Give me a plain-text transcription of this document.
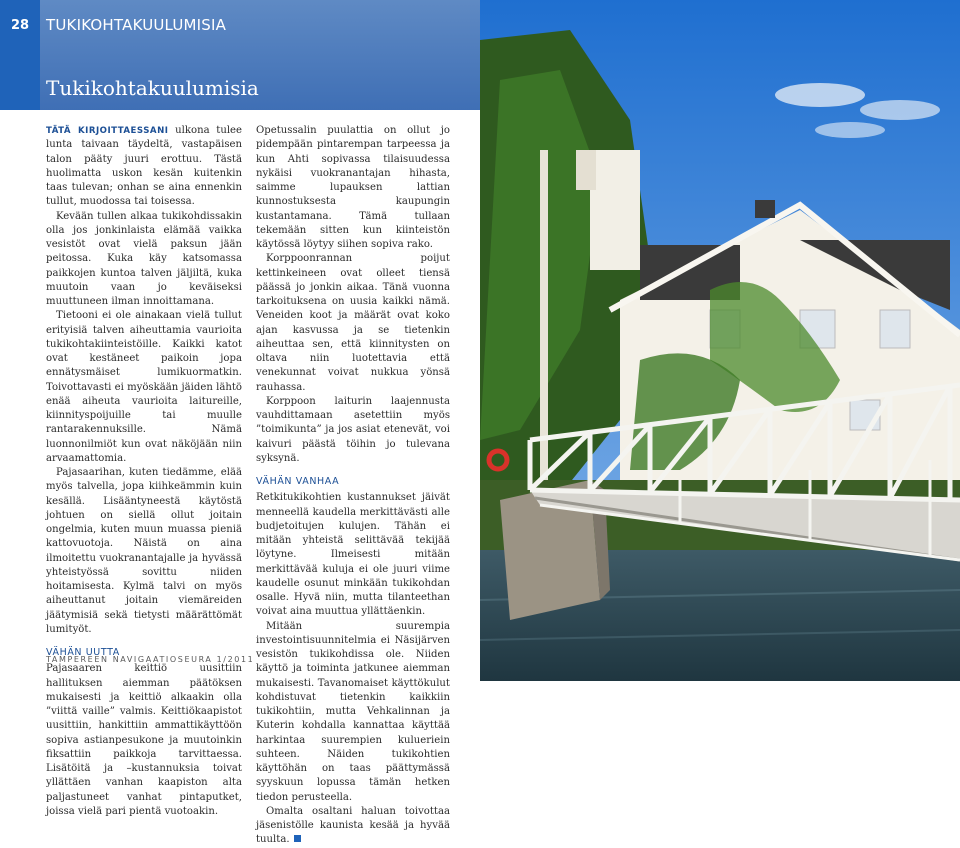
28	TUKIKOHTAKUULUMISIA
Tukikohtakuulumisia

TÄTÄ KIRJOITTAESSANI ulkona tulee lunta taivaan täydeltä, vastapäisen talon pääty juuri erottuu. Tästä huolimatta uskon kesän kuitenkin taas tulevan; onhan se aina ennenkin tullut, muodossa tai toisessa.

Kevään tullen alkaa tukikohdissakin olla jos jonkinlaista elämää vaikka vesistöt ovat vielä paksun jään peitossa. Kuka käy katsomassa paikkojen kuntoa talven jäljiltä, kuka muutoin vaan jo keväiseksi muuttuneen ilman innoittamana.

Tietooni ei ole ainakaan vielä tullut erityisiä talven aiheuttamia vaurioita tukikohtakiinteistöille. Kaikki katot ovat kestäneet paikoin jopa ennätysmäiset lumikuormatkin. Toivottavasti ei myöskään jäiden lähtö enää aiheuta vaurioita laitureille, kiinnityspoijuille tai muulle rantarakennuksille. Nämä luonnonilmiöt kun ovat näköjään niin arvaamattomia.

Pajasaarihan, kuten tiedämme, elää myös talvella, jopa kiihkeämmin kuin kesällä. Lisääntyneestä käytöstä johtuen on siellä ollut joitain ongelmia, kuten muun muassa pieniä kattovuotoja. Näistä on aina ilmoitettu vuokranantajalle ja hyvässä yhteistyössä sovittu niiden hoitamisesta. Kylmä talvi on myös aiheuttanut joitain viemäreiden jäätymisiä sekä tietysti määrättömät lumityöt.

VÄHÄN UUTTA

Pajasaaren keittiö uusittiin hallituksen aiemman päätöksen mukaisesti ja keittiö alkaakin olla ”viittä vaille” valmis. Keittiökaapistot uusittiin, hankittiin ammattikäyttöön sopiva astianpesukone ja muutoinkin fiksattiin paikkoja tarvittaessa. Lisätöitä ja –kustannuksia toivat yllättäen vanhan kaapiston alta paljastuneet vanhat pintaputket, joissa vielä pari pientä vuotoakin.

Opetussalin puulattia on ollut jo pidempään pintarempan tarpeessa ja kun Ahti sopivassa tilaisuudessa nykäisi vuokranantajan hihasta, saimme lupauksen lattian kunnostuksesta kaupungin kustantamana. Tämä tullaan tekemään sitten kun kiinteistön käytössä löytyy siihen sopiva rako.

Korppoonrannan poijut kettinkeineen ovat olleet tiensä päässä jo jonkin aikaa. Tänä vuonna tarkoituksena on uusia kaikki nämä. Veneiden koot ja määrät ovat koko ajan kasvussa ja se tietenkin aiheuttaa sen, että kiinnitysten on oltava niin luotettavia että venekunnat voivat nukkua yönsä rauhassa.

Korppoon laiturin laajennusta vauhdittamaan asetettiin myös ”toimikunta” ja jos asiat etenevät, voi kaivuri päästä töihin jo tulevana syksynä.

VÄHÄN VANHAA

Retkitukikohtien kustannukset jäivät menneellä kaudella merkittävästi alle budjetoitujen kulujen. Tähän ei mitään yhteistä selittävää tekijää löytyne. Ilmeisesti mitään merkittävää kuluja ei ole juuri viime kaudelle osunut minkään tukikohdan osalle. Hyvä niin, mutta tilanteethan voivat aina muuttua yllättäenkin.

Mitään suurempia investointisuunnitelmia ei Näsijärven vesistön tukikohdissa ole. Niiden käyttö ja toiminta jatkunee aiemman mukaisesti. Tavanomaiset käyttökulut kohdistuvat tietenkin kaikkiin tukikohtiin, mutta Vehkalinnan ja Kuterin kohdalla kannattaa käyttää harkintaa suurempien kulueriein suhteen. Näiden tukikohtien käyttöhän on taas päättymässä syyskuun lopussa tämän hetken tiedon perusteella.

Omalta osaltani haluan toivottaa jäsenistölle kaunista kesää ja hyvää tuulta.

TAMPEREEN NAVIGAATIOSEURA 1/2011
